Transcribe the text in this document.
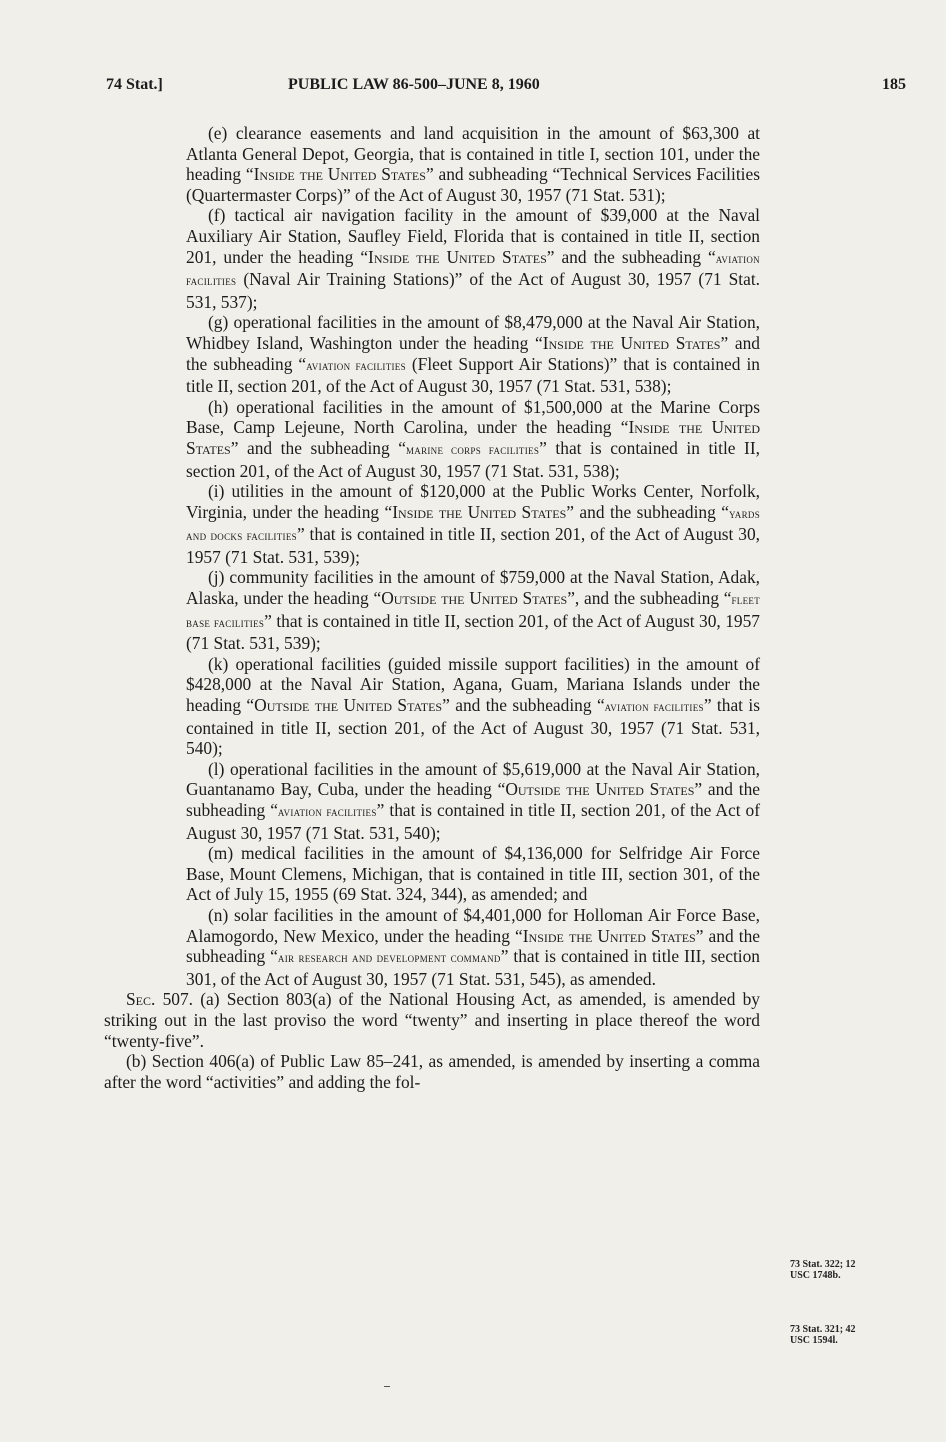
74 Stat.]	PUBLIC LAW 86-500–JUNE 8, 1960	185

(e) clearance easements and land acquisition in the amount of $63,300 at Atlanta General Depot, Georgia, that is contained in title I, section 101, under the heading “Inside the United States” and subheading “Technical Services Facilities (Quartermaster Corps)” of the Act of August 30, 1957 (71 Stat. 531);

(f) tactical air navigation facility in the amount of $39,000 at the Naval Auxiliary Air Station, Saufley Field, Florida that is contained in title II, section 201, under the heading “Inside the United States” and the subheading “aviation facilities (Naval Air Training Stations)” of the Act of August 30, 1957 (71 Stat. 531, 537);

(g) operational facilities in the amount of $8,479,000 at the Naval Air Station, Whidbey Island, Washington under the heading “Inside the United States” and the subheading “aviation facilities (Fleet Support Air Stations)” that is contained in title II, section 201, of the Act of August 30, 1957 (71 Stat. 531, 538);

(h) operational facilities in the amount of $1,500,000 at the Marine Corps Base, Camp Lejeune, North Carolina, under the heading “Inside the United States” and the subheading “marine corps facilities” that is contained in title II, section 201, of the Act of August 30, 1957 (71 Stat. 531, 538);

(i) utilities in the amount of $120,000 at the Public Works Center, Norfolk, Virginia, under the heading “Inside the United States” and the subheading “yards and docks facilities” that is contained in title II, section 201, of the Act of August 30, 1957 (71 Stat. 531, 539);

(j) community facilities in the amount of $759,000 at the Naval Station, Adak, Alaska, under the heading “Outside the United States”, and the subheading “fleet base facilities” that is contained in title II, section 201, of the Act of August 30, 1957 (71 Stat. 531, 539);

(k) operational facilities (guided missile support facilities) in the amount of $428,000 at the Naval Air Station, Agana, Guam, Mariana Islands under the heading “Outside the United States” and the subheading “aviation facilities” that is contained in title II, section 201, of the Act of August 30, 1957 (71 Stat. 531, 540);

(l) operational facilities in the amount of $5,619,000 at the Naval Air Station, Guantanamo Bay, Cuba, under the heading “Outside the United States” and the subheading “aviation facilities” that is contained in title II, section 201, of the Act of August 30, 1957 (71 Stat. 531, 540);

(m) medical facilities in the amount of $4,136,000 for Selfridge Air Force Base, Mount Clemens, Michigan, that is contained in title III, section 301, of the Act of July 15, 1955 (69 Stat. 324, 344), as amended; and

(n) solar facilities in the amount of $4,401,000 for Holloman Air Force Base, Alamogordo, New Mexico, under the heading “Inside the United States” and the subheading “air research and development command” that is contained in title III, section 301, of the Act of August 30, 1957 (71 Stat. 531, 545), as amended.

Sec. 507. (a) Section 803(a) of the National Housing Act, as amended, is amended by striking out in the last proviso the word “twenty” and inserting in place thereof the word “twenty-five”.

(b) Section 406(a) of Public Law 85–241, as amended, is amended by inserting a comma after the word “activities” and adding the fol-

73 Stat. 322; 12
USC 1748b.
73 Stat. 321; 42
USC 1594l.
